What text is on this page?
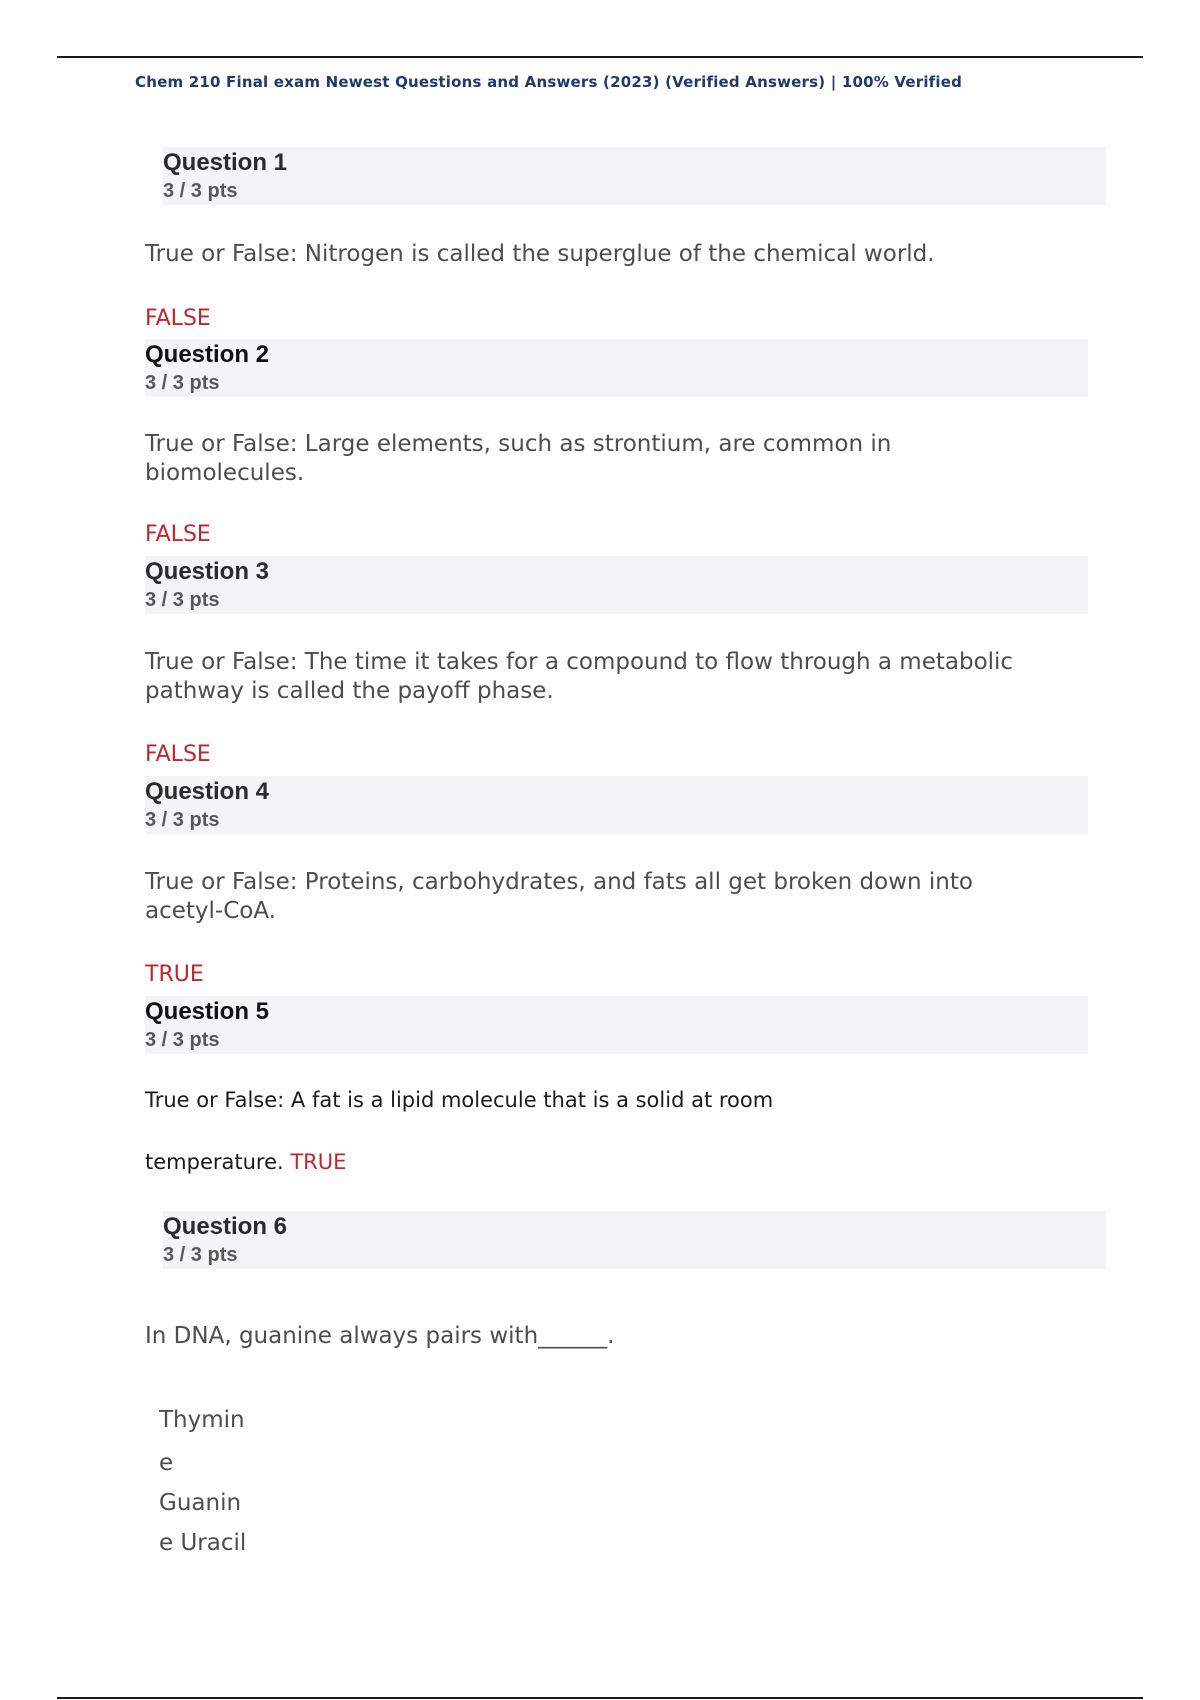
Chem 210 Final exam Newest Questions and Answers (2023) (Verified Answers) | 100% Verified
Question 1
3 / 3 pts
True or False: Nitrogen is called the superglue of the chemical world.
FALSE
Question 2
3 / 3 pts
True or False: Large elements, such as strontium, are common in
biomolecules.
FALSE
Question 3
3 / 3 pts
True or False: The time it takes for a compound to flow through a metabolic
pathway is called the payoff phase.
FALSE
Question 4
3 / 3 pts
True or False: Proteins, carbohydrates, and fats all get broken down into
acetyl-CoA.
TRUE
Question 5
3 / 3 pts
True or False: A fat is a lipid molecule that is a solid at room
temperature. TRUE
Question 6
3 / 3 pts
In DNA, guanine always pairs with______.
Thymin
e
Guanin
e Uracil
